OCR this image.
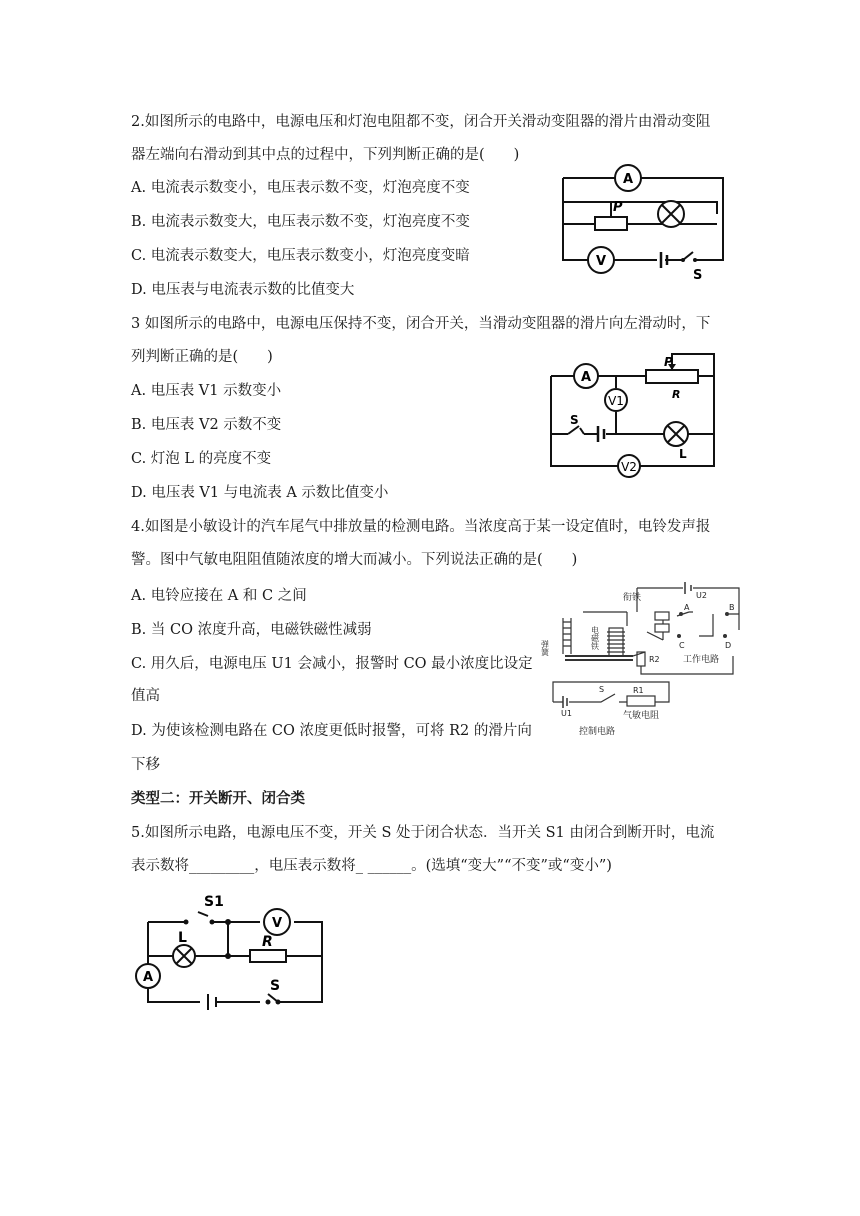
2.如图所示的电路中，电源电压和灯泡电阻都不变，闭合开关滑动变阻器的滑片由滑动变阻
器左端向右滑动到其中点的过程中，下列判断正确的是(　　)
A. 电流表示数变小，电压表示数不变，灯泡亮度不变
B. 电流表示数变大，电压表示数不变，灯泡亮度不变
C. 电流表示数变大，电压表示数变小，灯泡亮度变暗
D. 电压表与电流表示数的比值变大
A
V
P
S
3 如图所示的电路中，电源电压保持不变，闭合开关，当滑动变阻器的滑片向左滑动时，下
列判断正确的是(　　)
A. 电压表 V1 示数变小
B. 电压表 V2 示数不变
C. 灯泡 L 的亮度不变
D. 电压表 V1 与电流表 A 示数比值变小
A
V1
V2
P
R
S
L
4.如图是小敏设计的汽车尾气中排放量的检测电路。当浓度高于某一设定值时，电铃发声报
警。图中气敏电阻阻值随浓度的增大而减小。下列说法正确的是(　　)
A. 电铃应接在 A 和 C 之间
B. 当 CO 浓度升高，电磁铁磁性减弱
C. 用久后，电源电压 U1 会减小，报警时 CO 最小浓度比设定
值高
D. 为使该检测电路在 CO 浓度更低时报警，可将 R2 的滑片向
下移
U2
衔铁
弹簧	电磁铁
A	B
C	D
R2
R1
工作电路
U1
S
气敏电阻
控制电路
类型二：开关断开、闭合类
5.如图所示电路，电源电压不变，开关 S 处于闭合状态．当开关 S1 由闭合到断开时，电流
表示数将_________，电压表示数将_ ______。(选填“变大”“不变”或“变小”)
S1
V
L	R
A
S
